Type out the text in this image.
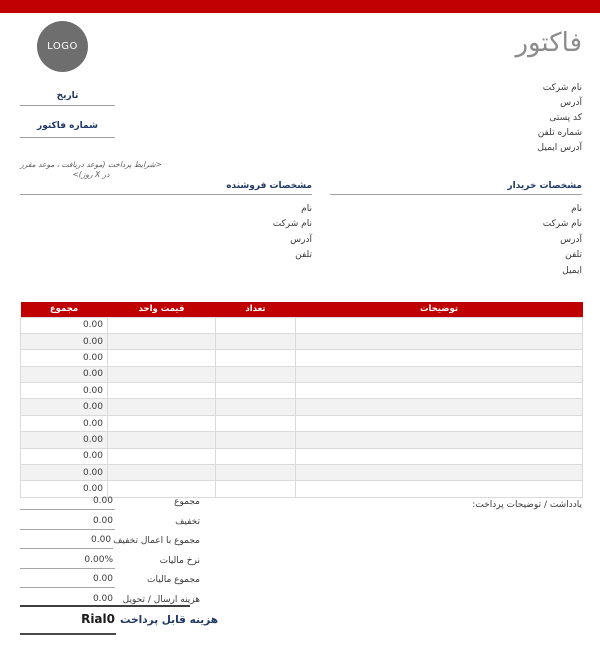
LOGO	فاكتور
نام شركت
آدرس
كد پستی
شماره تلفن
آدرس ایمیل
تاریخ
شماره فاكتور
<شرایط پرداخت (موعد دریافت ، موعد مقرر در X روز)>
مشخصات خریدار
نام
نام شركت
آدرس
تلفن
ایمیل
مشخصات فروشنده
نام
نام شركت
آدرس
تلفن
توضیحات	تعداد	قیمت واحد	مجموع
			0.00
			0.00
			0.00
			0.00
			0.00
			0.00
			0.00
			0.00
			0.00
			0.00
			0.00
یادداشت / توضیحات پرداخت:
0.00	مجموع
0.00	تخفیف
0.00 مجموع با اعمال تخفیف
0.00%	نرخ مالیات
0.00	مجموع مالیات
0.00	هزینه ارسال / تحویل
Rial0 هزینه قابل پرداخت
